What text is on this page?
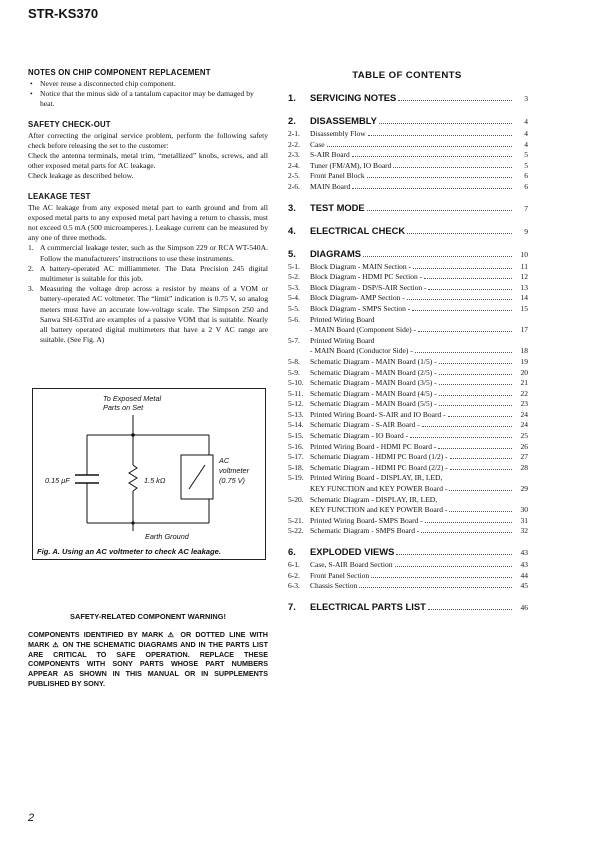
STR-KS370
NOTES ON CHIP COMPONENT REPLACEMENT
• Never reuse a disconnected chip component.
• Notice that the minus side of a tantalum capacitor may be damaged by heat.
SAFETY CHECK-OUT
After correcting the original service problem, perform the following safety check before releasing the set to the customer:
Check the antenna terminals, metal trim, “metallized” knobs, screws, and all other exposed metal parts for AC leakage.
Check leakage as described below.
LEAKAGE TEST
The AC leakage from any exposed metal part to earth ground and from all exposed metal parts to any exposed metal part having a return to chassis, must not exceed 0.5 mA (500 microamperes.). Leakage current can be measured by any one of three methods.
1. A commercial leakage tester, such as the Simpson 229 or RCA WT-540A. Follow the manufacturers’ instructions to use these instruments.
2. A battery-operated AC milliammeter. The Data Precision 245 digital multimeter is suitable for this job.
3. Measuring the voltage drop across a resistor by means of a VOM or battery-operated AC voltmeter. The “limit” indication is 0.75 V, so analog meters must have an accurate low-voltage scale. The Simpson 250 and Sanwa SH-63Trd are examples of a passive VOM that is suitable. Nearly all battery operated digital multimeters that have a 2 V AC range are suitable. (See Fig. A)
To Exposed Metal
Parts on Set
0.15 μF	1.5 kΩ
AC
voltmeter
(0.75 V)
Earth Ground
Fig. A. Using an AC voltmeter to check AC leakage.
SAFETY-RELATED COMPONENT WARNING!
COMPONENTS IDENTIFIED BY MARK ⚠ OR DOTTED LINE WITH MARK ⚠ ON THE SCHEMATIC DIAGRAMS AND IN THE PARTS LIST ARE CRITICAL TO SAFE OPERATION. REPLACE THESE COMPONENTS WITH SONY PARTS WHOSE PART NUMBERS APPEAR AS SHOWN IN THIS MANUAL OR IN SUPPLEMENTS PUBLISHED BY SONY.
TABLE OF CONTENTS
1.	SERVICING NOTES	3
2.	DISASSEMBLY	4
2-1.	Disassembly Flow	4
2-2.	Case	4
2-3.	S-AIR Board	5
2-4.	Tuner (FM/AM), IO Board	5
2-5.	Front Panel Block	6
2-6.	MAIN Board	6
3.	TEST MODE	7
4.	ELECTRICAL CHECK	9
5.	DIAGRAMS	10
5-1.	Block Diagram - MAIN Section -	11
5-2.	Block Diagram - HDMI PC Section -	12
5-3.	Block Diagram - DSP/S-AIR Section -	13
5-4.	Block Diagram- AMP Section -	14
5-5.	Block Diagram - SMPS Section -	15
5-6.	Printed Wiring Board
- MAIN Board (Component Side) -	17
5-7.	Printed Wiring Board
- MAIN Board (Conductor Side) -	18
5-8.	Schematic Diagram - MAIN Board (1/5) -	19
5-9.	Schematic Diagram - MAIN Board (2/5) -	20
5-10. Schematic Diagram - MAIN Board (3/5) -	21
5-11. Schematic Diagram - MAIN Board (4/5) -	22
5-12. Schematic Diagram - MAIN Board (5/5) -	23
5-13. Printed Wiring Board- S-AIR and IO Board -	24
5-14. Schematic Diagram - S-AIR Board -	24
5-15. Schematic Diagram - IO Board -	25
5-16. Printed Wiring Board - HDMI PC Board -	26
5-17. Schematic Diagram - HDMI PC Board (1/2) -	27
5-18. Schematic Diagram - HDMI PC Board (2/2) -	28
5-19. Printed Wiring Board - DISPLAY, IR, LED,
KEY FUNCTION and KEY POWER Board -	29
5-20. Schematic Diagram - DISPLAY, IR, LED,
KEY FUNCTION and KEY POWER Board -	30
5-21. Printed Wiring Board- SMPS Board -	31
5-22. Schematic Diagram - SMPS Board -	32
6.	EXPLODED VIEWS	43
6-1.	Case, S-AIR Board Section	43
6-2.	Front Panel Section	44
6-3.	Chassis Section	45
7.	ELECTRICAL PARTS LIST	46
2
